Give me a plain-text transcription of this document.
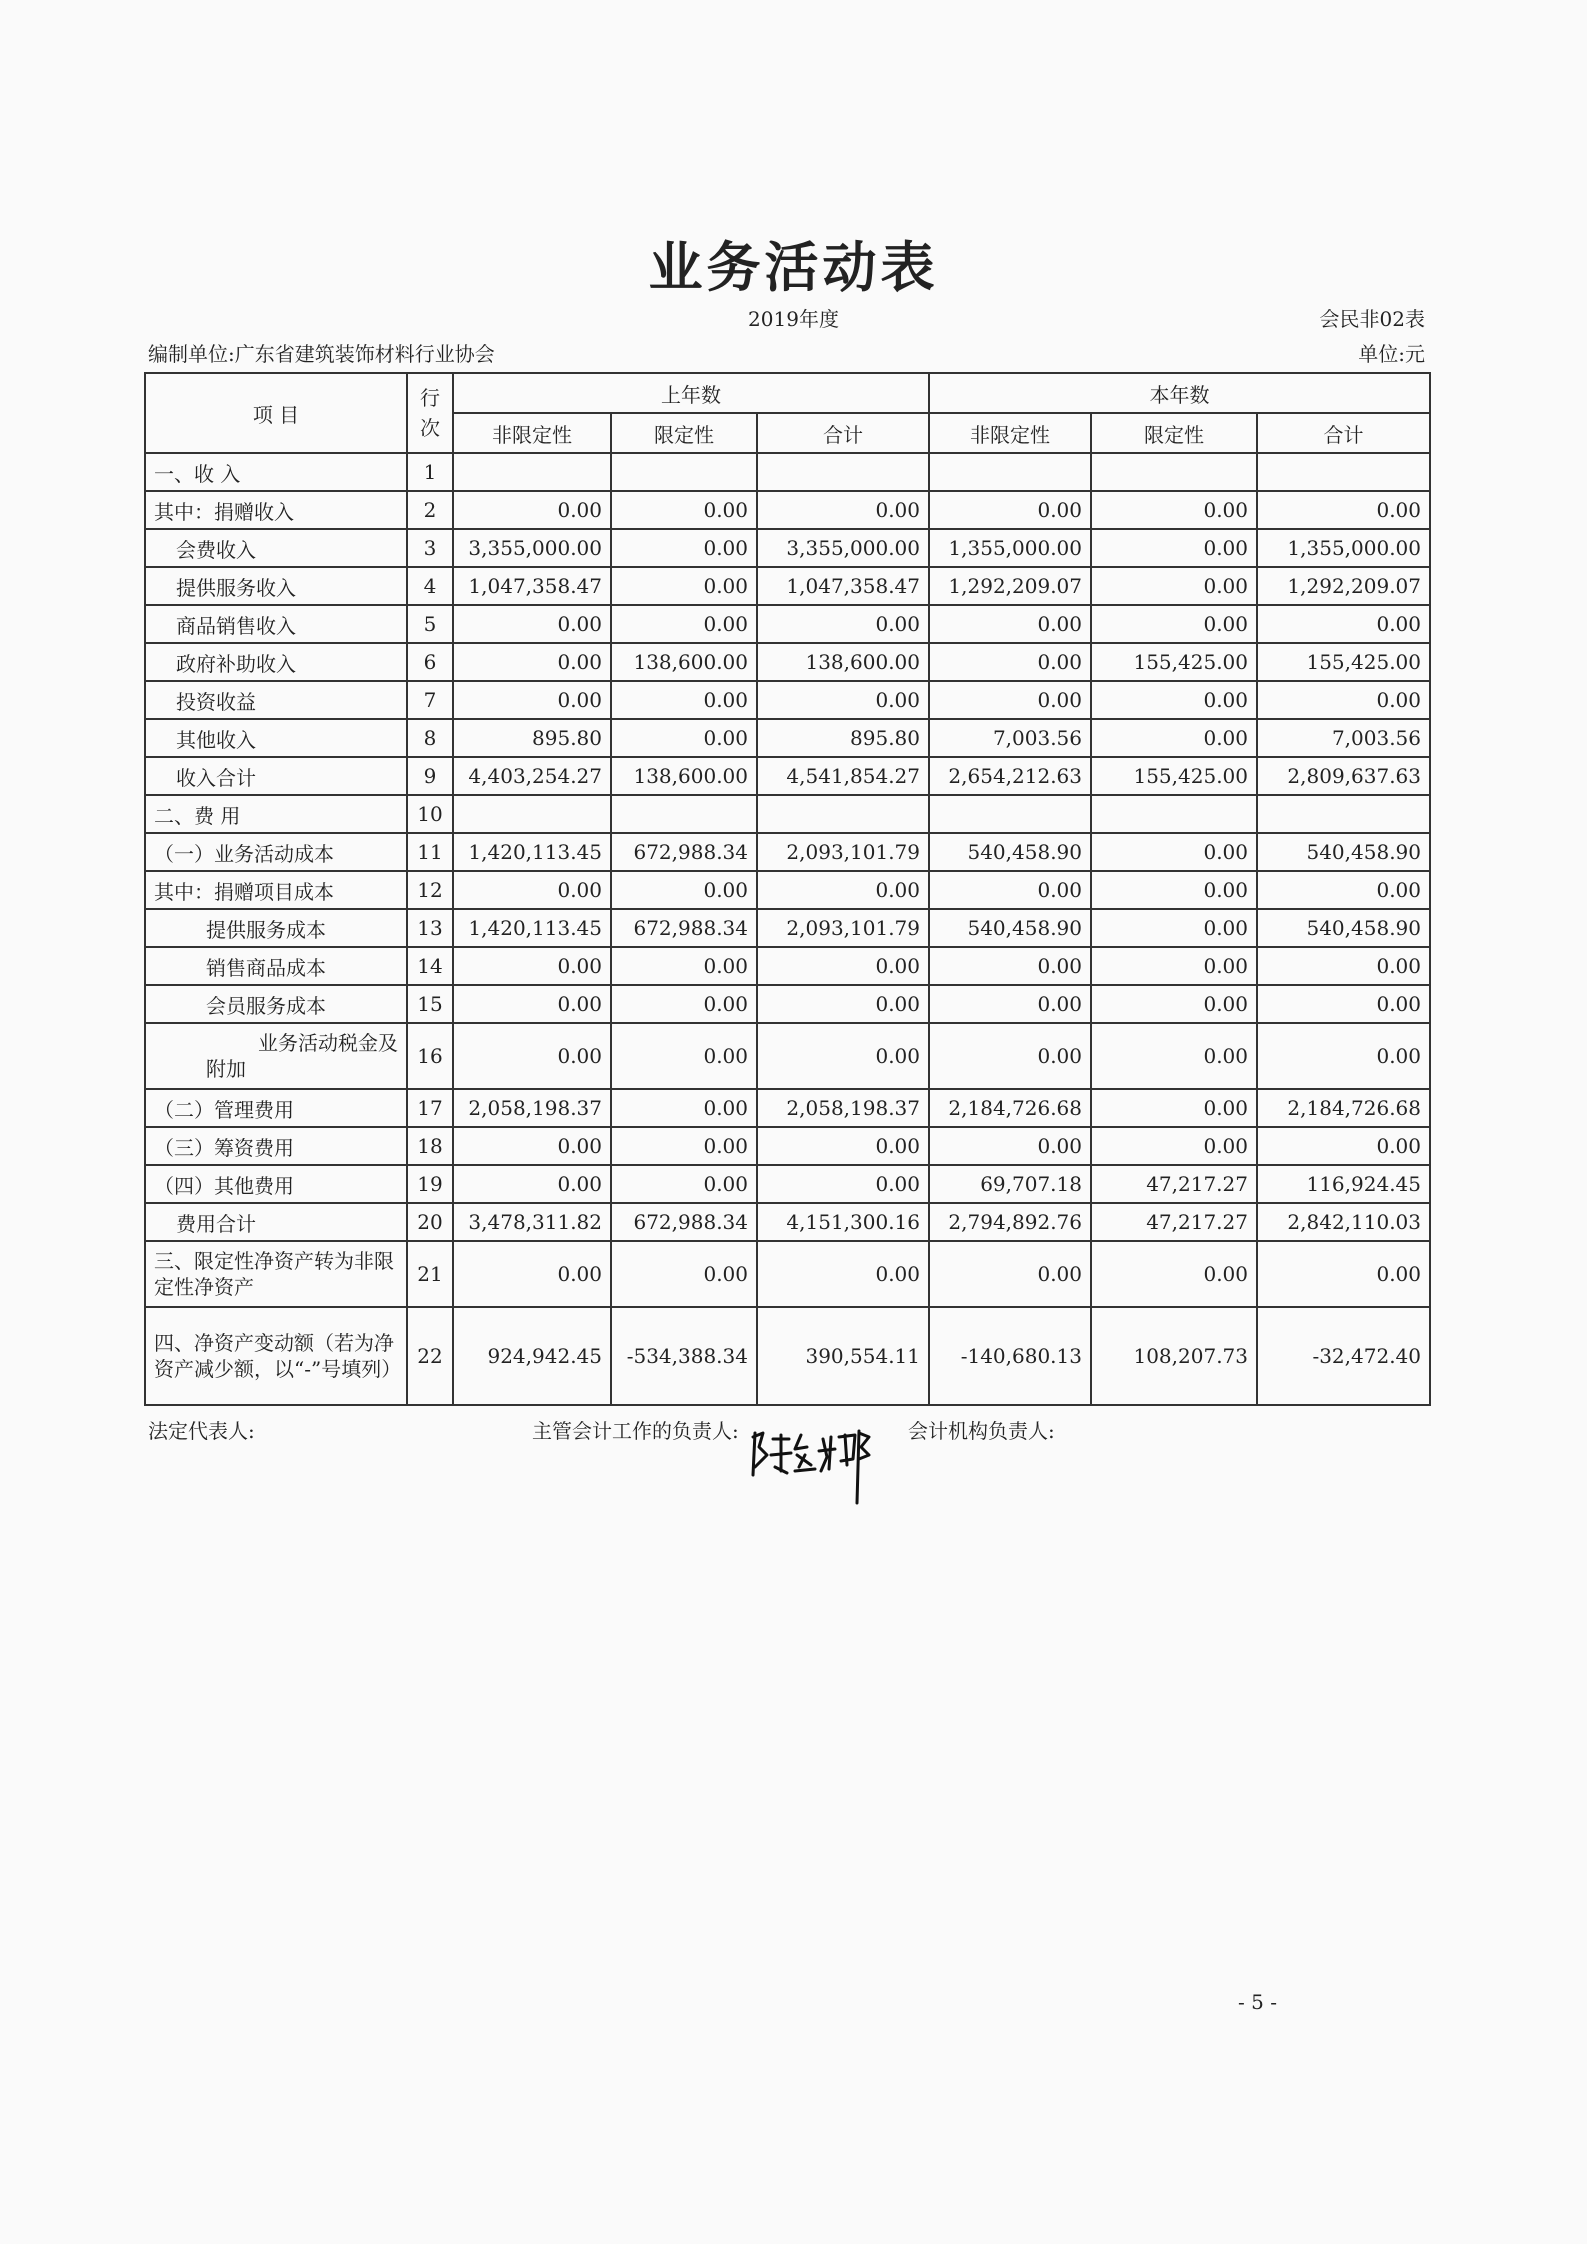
业务活动表
2019年度	会民非02表
编制单位:广东省建筑装饰材料行业协会	单位:元
项 目	行次	上年数			本年数		
		非限定性	限定性	合计	非限定性	限定性	合计
一、收 入	1						
其中：捐赠收入	2	0.00	0.00	0.00	0.00	0.00	0.00
会费收入	3	3,355,000.00	0.00	3,355,000.00	1,355,000.00	0.00	1,355,000.00
提供服务收入	4	1,047,358.47	0.00	1,047,358.47	1,292,209.07	0.00	1,292,209.07
商品销售收入	5	0.00	0.00	0.00	0.00	0.00	0.00
政府补助收入	6	0.00	138,600.00	138,600.00	0.00	155,425.00	155,425.00
投资收益	7	0.00	0.00	0.00	0.00	0.00	0.00
其他收入	8	895.80	0.00	895.80	7,003.56	0.00	7,003.56
收入合计	9	4,403,254.27	138,600.00	4,541,854.27	2,654,212.63	155,425.00	2,809,637.63
二、费 用	10						
（一）业务活动成本	11	1,420,113.45	672,988.34	2,093,101.79	540,458.90	0.00	540,458.90
其中：捐赠项目成本	12	0.00	0.00	0.00	0.00	0.00	0.00
提供服务成本	13	1,420,113.45	672,988.34	2,093,101.79	540,458.90	0.00	540,458.90
销售商品成本	14	0.00	0.00	0.00	0.00	0.00	0.00
会员服务成本	15	0.00	0.00	0.00	0.00	0.00	0.00
业务活动税金及附加	16	0.00	0.00	0.00	0.00	0.00	0.00
（二）管理费用	17	2,058,198.37	0.00	2,058,198.37	2,184,726.68	0.00	2,184,726.68
（三）筹资费用	18	0.00	0.00	0.00	0.00	0.00	0.00
（四）其他费用	19	0.00	0.00	0.00	69,707.18	47,217.27	116,924.45
费用合计	20	3,478,311.82	672,988.34	4,151,300.16	2,794,892.76	47,217.27	2,842,110.03
三、限定性净资产转为非限定性净资产	21	0.00	0.00	0.00	0.00	0.00	0.00
四、净资产变动额（若为净资产减少额，以“-”号填列）	22	924,942.45	-534,388.34	390,554.11	-140,680.13	108,207.73	-32,472.40
法定代表人:	主管会计工作的负责人:	会计机构负责人:
- 5 -
